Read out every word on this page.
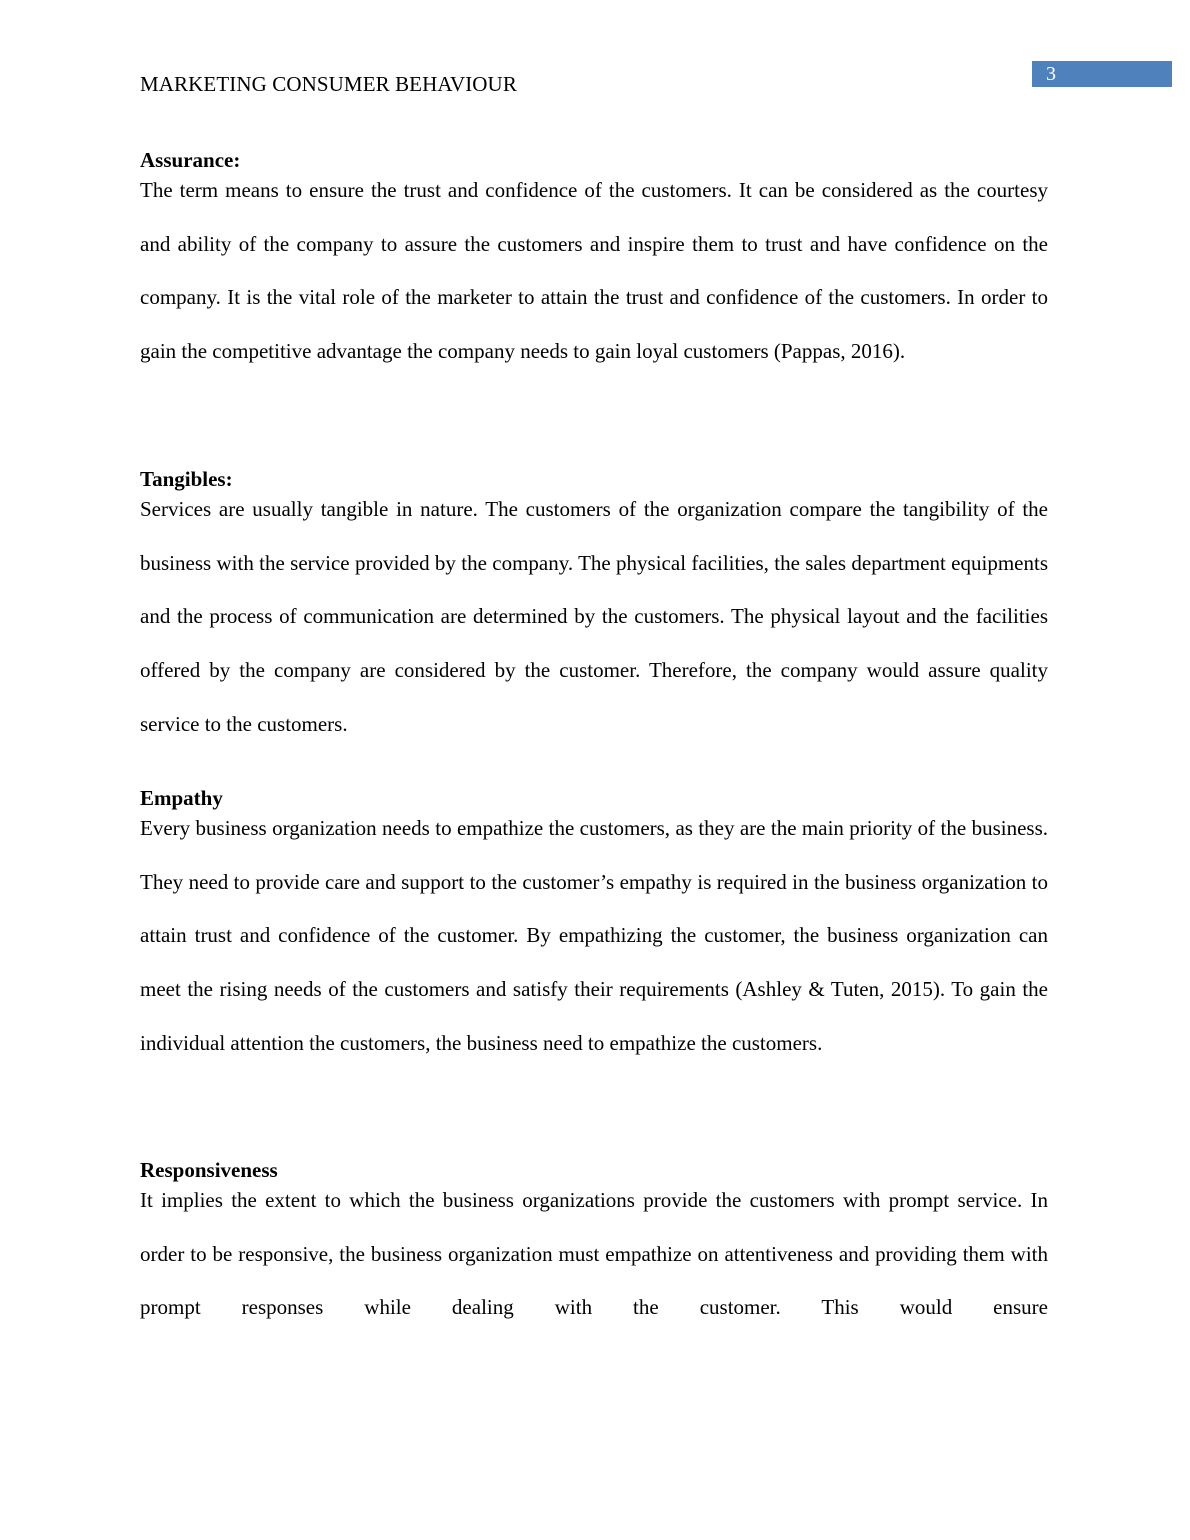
MARKETING CONSUMER BEHAVIOUR	3
Assurance:

The term means to ensure the trust and confidence of the customers. It can be considered as the courtesy and ability of the company to assure the customers and inspire them to trust and have confidence on the company. It is the vital role of the marketer to attain the trust and confidence of the customers. In order to gain the competitive advantage the company needs to gain loyal customers (Pappas, 2016).

Tangibles:

Services are usually tangible in nature. The customers of the organization compare the tangibility of the business with the service provided by the company. The physical facilities, the sales department equipments and the process of communication are determined by the customers. The physical layout and the facilities offered by the company are considered by the customer. Therefore, the company would assure quality service to the customers.

Empathy

Every business organization needs to empathize the customers, as they are the main priority of the business. They need to provide care and support to the customer’s empathy is required in the business organization to attain trust and confidence of the customer. By empathizing the customer, the business organization can meet the rising needs of the customers and satisfy their requirements (Ashley & Tuten, 2015). To gain the individual attention the customers, the business need to empathize the customers.

Responsiveness

It implies the extent to which the business organizations provide the customers with prompt service. In order to be responsive, the business organization must empathize on attentiveness and providing them with prompt responses while dealing with the customer. This would ensure
